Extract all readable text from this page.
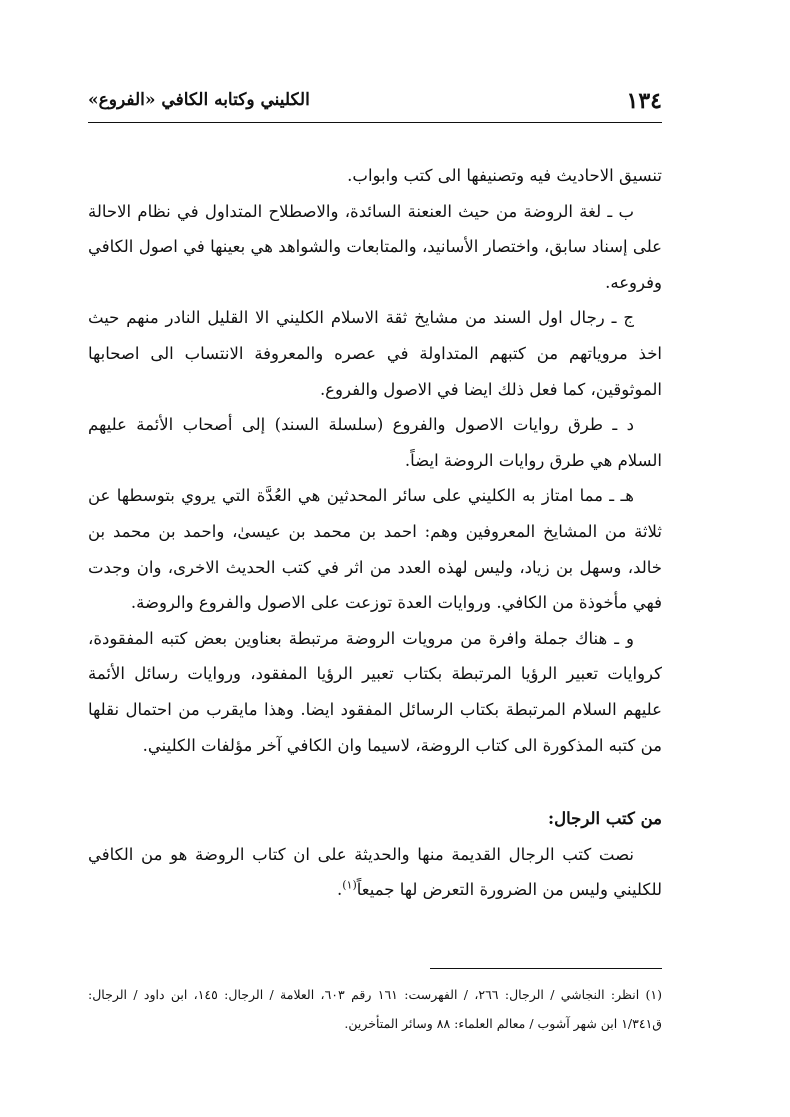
١٣٤
الكليني وكتابه الكافي «الفروع»

تنسيق الاحاديث فيه وتصنيفها الى كتب وابواب.

ب ـ لغة الروضة من حيث العنعنة السائدة، والاصطلاح المتداول في نظام الاحالة على إسناد سابق، واختصار الأسانيد، والمتابعات والشواهد هي بعينها في اصول الكافي وفروعه.

ج ـ رجال اول السند من مشايخ ثقة الاسلام الكليني الا القليل النادر منهم حيث اخذ مروياتهم من كتبهم المتداولة في عصره والمعروفة الانتساب الى اصحابها الموثوقين، كما فعل ذلك ايضا في الاصول والفروع.

د ـ طرق روايات الاصول والفروع (سلسلة السند) إلى أصحاب الأئمة عليهم السلام هي طرق روايات الروضة ايضاً.

هـ ـ مما امتاز به الكليني على سائر المحدثين هي العُدَّة التي يروي بتوسطها عن ثلاثة من المشايخ المعروفين وهم: احمد بن محمد بن عيسىٰ، واحمد بن محمد بن خالد، وسهل بن زياد، وليس لهذه العدد من اثر في كتب الحديث الاخرى، وان وجدت فهي مأخوذة من الكافي. وروايات العدة توزعت على الاصول والفروع والروضة.

و ـ هناك جملة وافرة من مرويات الروضة مرتبطة بعناوين بعض كتبه المفقودة، كروايات تعبير الرؤيا المرتبطة بكتاب تعبير الرؤيا المفقود، وروايات رسائل الأئمة عليهم السلام المرتبطة بكتاب الرسائل المفقود ايضا. وهذا مايقرب من احتمال نقلها من كتبه المذكورة الى كتاب الروضة، لاسيما وان الكافي آخر مؤلفات الكليني.

من كتب الرجال:

نصت كتب الرجال القديمة منها والحديثة على ان كتاب الروضة هو من الكافي للكليني وليس من الضرورة التعرض لها جميعاً$^{(١)}$.

(١) انظر: النجاشي / الرجال: ٢٦٦، / الفهرست: ١٦١ رقم ٦٠٣، العلامة / الرجال: ١٤٥، ابن داود / الرجال: ق١/٣٤١ ابن شهر آشوب / معالم العلماء: ٨٨ وسائر المتأخرين.
